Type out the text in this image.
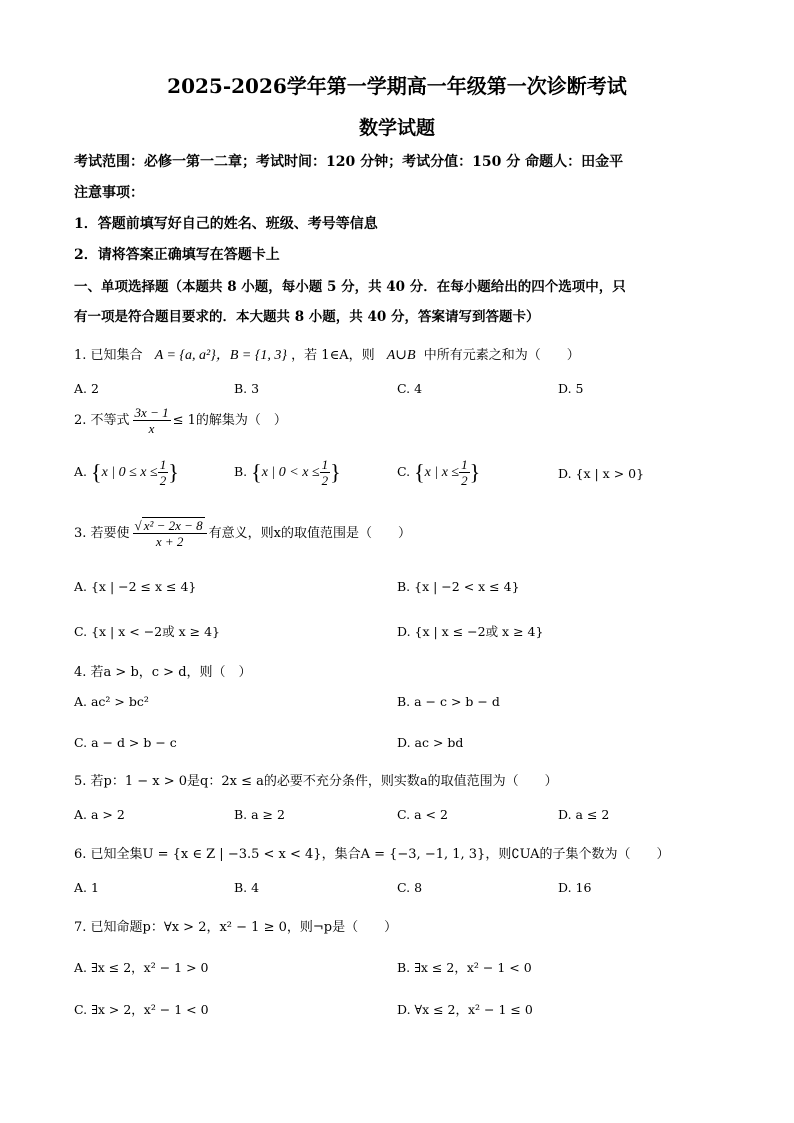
2025-2026学年第一学期高一年级第一次诊断考试
数学试题
考试范围：必修一第一二章；考试时间：120 分钟；考试分值：150 分 命题人：田金平
注意事项：
1．答题前填写好自己的姓名、班级、考号等信息
2．请将答案正确填写在答题卡上
一、单项选择题（本题共 8 小题，每小题 5 分，共 40 分．在每小题给出的四个选项中，只
有一项是符合题目要求的．本大题共 8 小题，共 40 分，答案请写到答题卡）
1. 已知集合 A = {a, a²}，B = {1, 3} ，若 1∈A，则 A∪B 中所有元素之和为（　　）
A. 2	B. 3	C. 4	D. 5
2. 不等式 $\frac{3x - 1}{x} \le 1$的解集为（　）
A. {x | $0 \le x \le \frac{1}{2}$ }	B. {x | $0 < x \le \frac{1}{2}$ }	C. {x | $x \le \frac{1}{2}$ }	D. {x | x > 0}
3. 若要使 $\frac{\text{√ x² − 2x − 8}}{x + 2}$ 有意义，则x的取值范围是（　　）
A. {x | −2 ≤ x ≤ 4}	B. {x | −2 < x ≤ 4}
C. {x | x < −2或 x ≥ 4}	D. {x | x ≤ −2或 x ≥ 4}
4. 若a > b，c > d，则（　）
A. ac² > bc²	B. a − c > b − d
C. a − d > b − c	D. ac > bd
5. 若p：1 − x > 0是q：2x ≤ a的必要不充分条件，则实数a的取值范围为（　　）
A. a > 2	B. a ≥ 2	C. a < 2	D. a ≤ 2
6. 已知全集U = {x ∈ Z | −3.5 < x < 4}，集合A = {−3, −1, 1, 3}，则∁UA的子集个数为（　　）
A. 1	B. 4	C. 8	D. 16
7. 已知命题p：∀x > 2，x² − 1 ≥ 0，则¬p是（　　）
A. ∃x ≤ 2，x² − 1 > 0	B. ∃x ≤ 2，x² − 1 < 0
C. ∃x > 2，x² − 1 < 0	D. ∀x ≤ 2，x² − 1 ≤ 0
